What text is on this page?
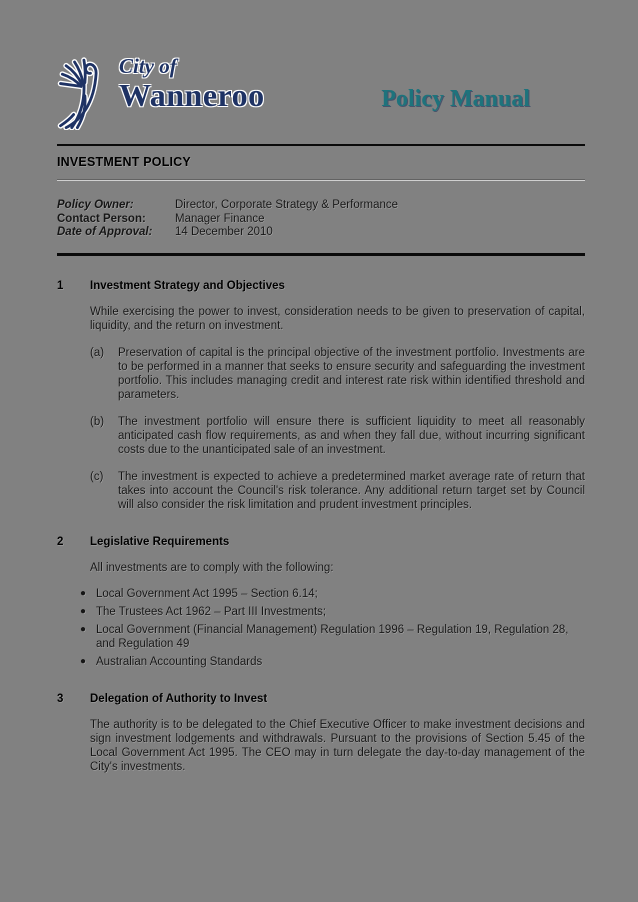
City of
Wanneroo	Policy Manual
INVESTMENT POLICY
Policy Owner:	Director, Corporate Strategy & Performance
Contact Person:	Manager Finance
Date of Approval:	14 December 2010
1	Investment Strategy and Objectives

While exercising the power to invest, consideration needs to be given to preservation of capital, liquidity, and the return on investment.

(a)	Preservation of capital is the principal objective of the investment portfolio. Investments are to be performed in a manner that seeks to ensure security and safeguarding the investment portfolio. This includes managing credit and interest rate risk within identified threshold and parameters.
(b)	The investment portfolio will ensure there is sufficient liquidity to meet all reasonably anticipated cash flow requirements, as and when they fall due, without incurring significant costs due to the unanticipated sale of an investment.
(c)	The investment is expected to achieve a predetermined market average rate of return that takes into account the Council's risk tolerance. Any additional return target set by Council will also consider the risk limitation and prudent investment principles.
2	Legislative Requirements

All investments are to comply with the following:

● Local Government Act 1995 – Section 6.14;
● The Trustees Act 1962 – Part III Investments;
● Local Government (Financial Management) Regulation 1996 – Regulation 19, Regulation 28, and Regulation 49
● Australian Accounting Standards
3	Delegation of Authority to Invest

The authority is to be delegated to the Chief Executive Officer to make investment decisions and sign investment lodgements and withdrawals. Pursuant to the provisions of Section 5.45 of the Local Government Act 1995. The CEO may in turn delegate the day-to-day management of the City's investments.
